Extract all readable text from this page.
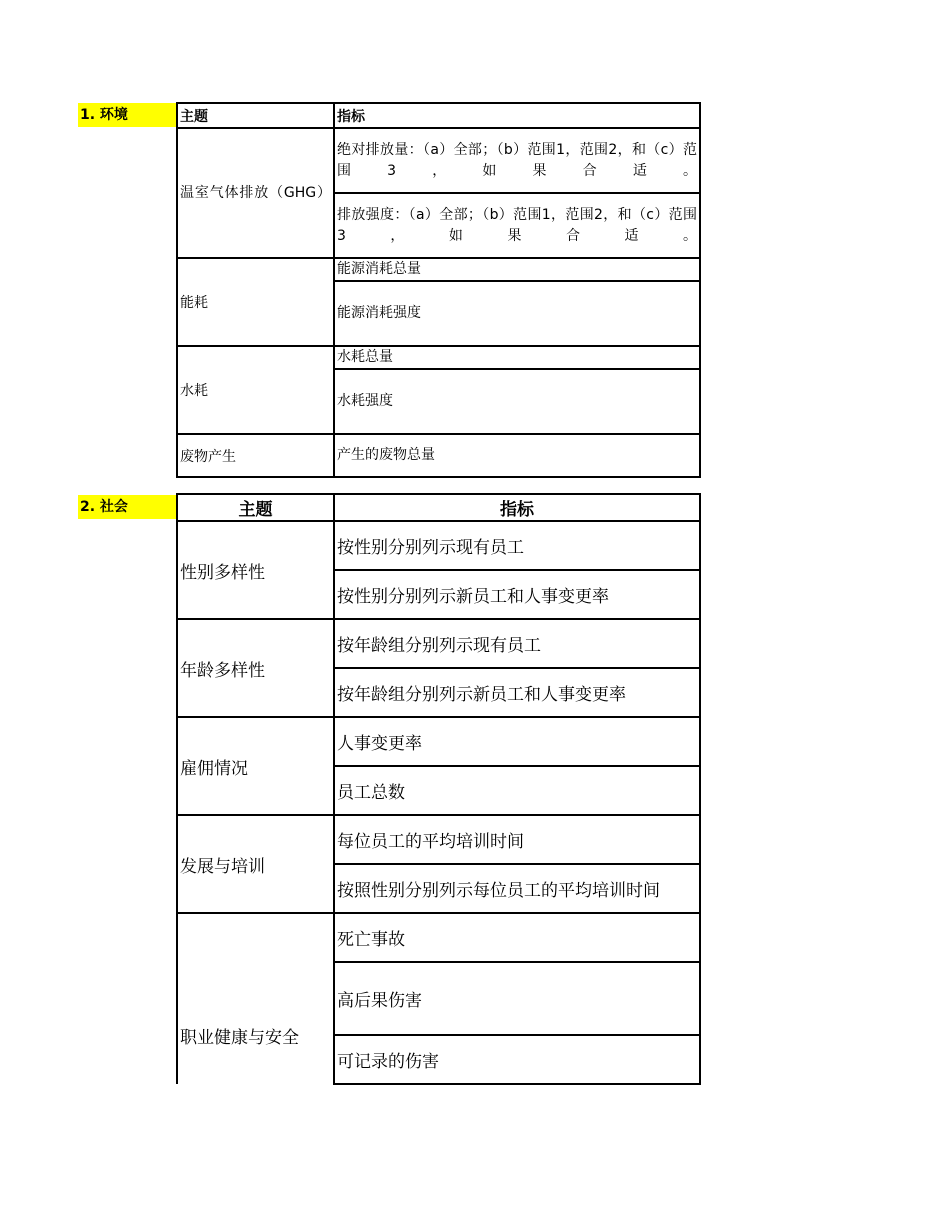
1. 环境	主题	指标
温室气体排放（GHG）	绝对排放量：（a）全部；（b）范围1，范围2，和（c）范围3，如果合适。
	排放强度：（a）全部；（b）范围1，范围2，和（c）范围3，如果合适。
能耗	能源消耗总量
	能源消耗强度
水耗	水耗总量
	水耗强度
废物产生	产生的废物总量
2. 社会	主题	指标
性别多样性	按性别分别列示现有员工
	按性别分别列示新员工和人事变更率
年龄多样性	按年龄组分别列示现有员工
	按年龄组分别列示新员工和人事变更率
雇佣情况	人事变更率
	员工总数
发展与培训	每位员工的平均培训时间
	按照性别分别列示每位员工的平均培训时间
职业健康与安全	死亡事故
	高后果伤害
	可记录的伤害
